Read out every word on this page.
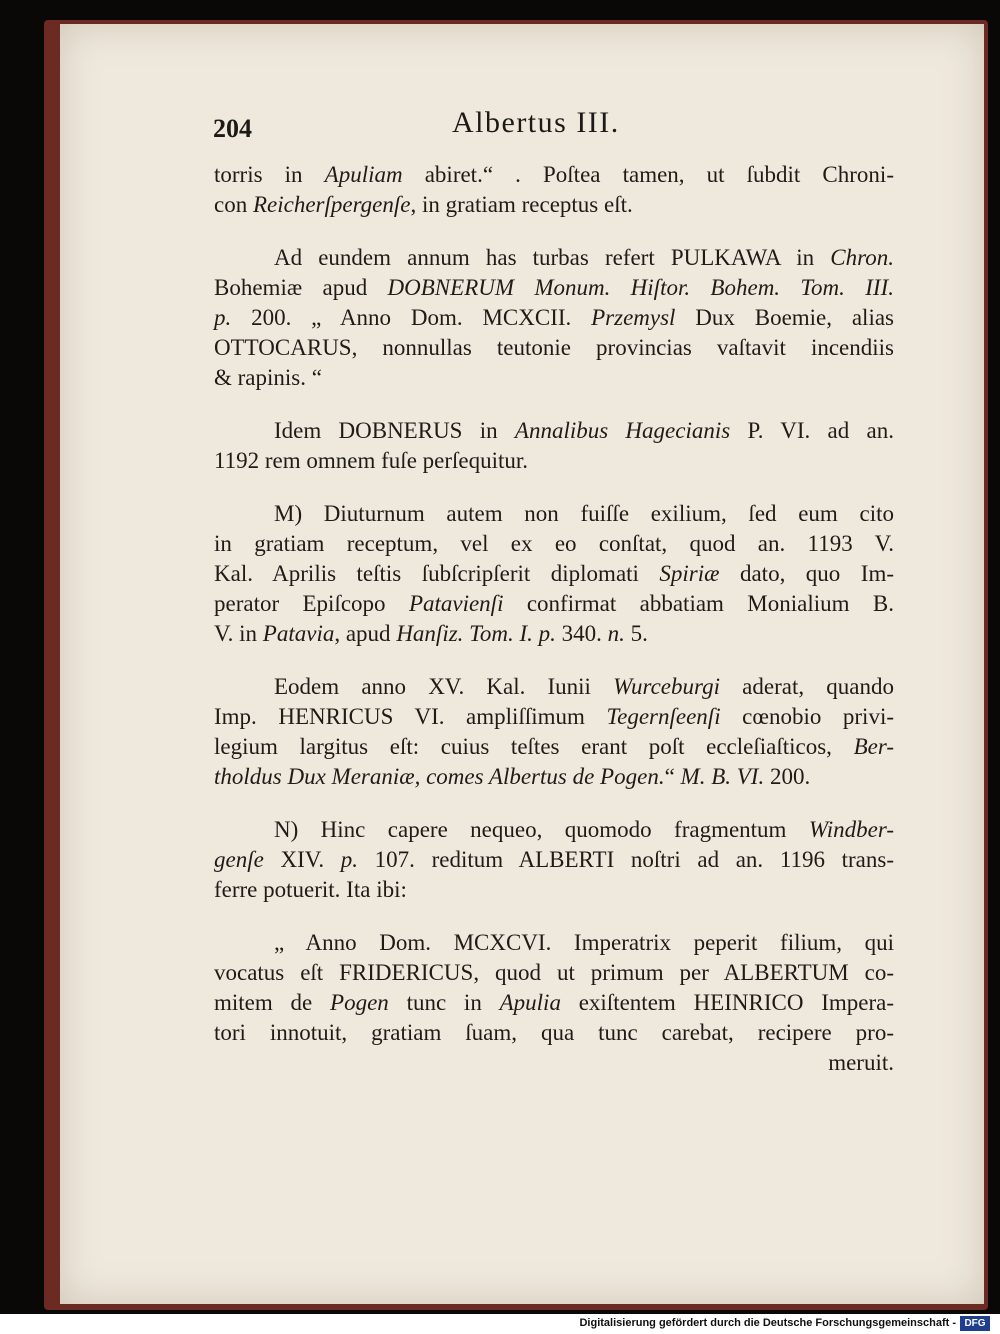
204	Albertus III.
torris in Apuliam abiret.“ . Poſtea tamen, ut ſubdit Chroni-
con Reicherſpergenſe, in gratiam receptus eſt.
Ad eundem annum has turbas refert PULKAWA in Chron.
Bohemiæ apud DOBNERUM Monum. Hiſtor. Bohem. Tom. III.
p. 200. „ Anno Dom. MCXCII. Przemysl Dux Boemie, alias
OTTOCARUS, nonnullas teutonie provincias vaſtavit incendiis
& rapinis. “
Idem DOBNERUS in Annalibus Hagecianis P. VI. ad an.
1192 rem omnem fuſe perſequitur.
M) Diuturnum autem non fuiſſe exilium, ſed eum cito
in gratiam receptum, vel ex eo conſtat, quod an. 1193 V.
Kal. Aprilis teſtis ſubſcripſerit diplomati Spiriæ dato, quo Im-
perator Epiſcopo Patavienſi confirmat abbatiam Monialium B.
V. in Patavia, apud Hanſiz. Tom. I. p. 340. n. 5.
Eodem anno XV. Kal. Iunii Wurceburgi aderat, quando
Imp. HENRICUS VI. ampliſſimum Tegernſeenſi cœnobio privi-
legium largitus eſt: cuius teſtes erant poſt eccleſiaſticos, Ber-
tholdus Dux Meraniæ, comes Albertus de Pogen.“ M. B. VI. 200.
N) Hinc capere nequeo, quomodo fragmentum Windber-
genſe XIV. p. 107. reditum ALBERTI noſtri ad an. 1196 trans-
ferre potuerit. Ita ibi:
„ Anno Dom. MCXCVI. Imperatrix peperit filium, qui
vocatus eſt FRIDERICUS, quod ut primum per ALBERTUM co-
mitem de Pogen tunc in Apulia exiſtentem HEINRICO Impera-
tori innotuit, gratiam ſuam, qua tunc carebat, recipere pro-
meruit.
Digitalisierung gefördert durch die Deutsche Forschungsgemeinschaft - DFG
